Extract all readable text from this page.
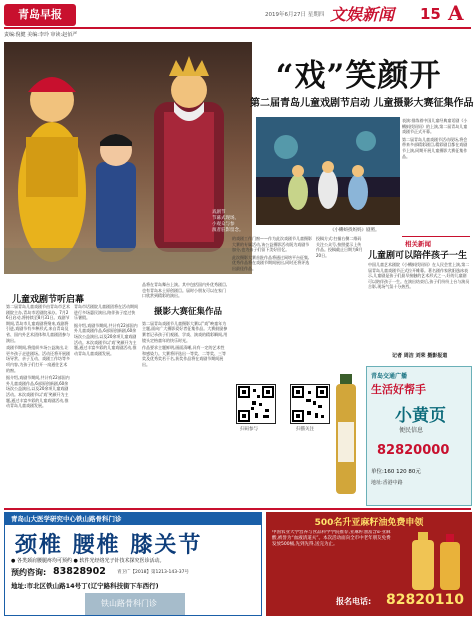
青岛早报	2019年6月27日 星期四 文娱新闻 15 A
责编:倪健 美编:李玲 审读:赵佰严
戏剧节
节幕式现场。
小观众与参
演者驻影留念。
“戏”笑颜开
第二届青岛儿童戏剧节启动 儿童摄影大赛征集作品
表演:排练着中国儿童经典童话剧《小蝌蚪找妈妈》的上演,第二届青岛儿童戏剧节正式开幕。
第二届青岛儿童戏剧节活动现场,将会带来多部精彩剧目,精彩剧目都在戏剧节上演,同期开展儿童摄影大赛征集作品。
《小蝌蚪找妈妈》剧照。
相关新闻
儿童剧可以陪伴孩子一生
中国儿童艺术剧院《小蝌蚪找妈妈》在人民会堂上演,第二届青岛儿童戏剧节正式拉开帷幕。著名剧作家欧阳逸冰表示,儿童剧是孩子们最早接触的艺术形式之一,好的儿童剧可以陪伴孩子一生。在演出结束后,孩子们纷纷上台与演员合影,现场气氛十分热烈。
记者 周洁 刘荣 摄影报道
儿童戏剧节听启幕
第二届青岛儿童戏剧节由青岛市艺术剧院主办,青岛市话剧院承办。7月26日启动,将持续至8月31日。戏剧节期间,青岛市儿童戏剧将聚来,戏剧将引进,戏剧节有多种形式,来自青岛及省、国内外艺术团体和儿童剧团参与演出。
戏剧节期间,将组织多场公益演出,让更多孩子走进剧场。活动还将开展剧场导赏、亲子互动、戏剧工作坊等多项内容,为孩子们打开一扇通往艺术的窗。
据介绍,戏剧节期间,共计有22部国内外儿童戏剧作品,6部原创新剧,60余场次公益演出,以及20余项儿童戏剧活动。本次戏剧节以‘戏’笑颜开为主题,通过丰富多彩的儿童戏剧活动,推动青岛儿童戏剧发展。
青岛市话剧院儿童剧团将在活动期间进行多场惠民演出,陪伴孩子度过快乐暑假。
据介绍,戏剧节期间,共计有22部国内外儿童戏剧作品,6部原创新剧,60余场次公益演出,以及20余项儿童戏剧活动。本次戏剧节以‘戏’笑颜开为主题,通过丰富多彩的儿童戏剧活动,推动青岛儿童戏剧发展。
品将在青岛舞台上演。其中包括国内外优秀剧目,也有青岛本土原创剧目。届时小朋友可以在家门口欣赏到精彩的演出。
摄影大赛征集作品
第二届青岛戏剧节儿童摄影大赛以“戏”映童年为主题,面向广大摄影爱好者征集作品。大赛鼓励参赛者记录孩子们观剧、学戏、演戏的精彩瞬间,用镜头定格童年的快乐时光。
作品要求主题鲜明,画面清晰,具有一定的艺术性和感染力。大赛将评选出一等奖、二等奖、三等奖及优秀奖若干名,获奖作品将在戏剧节期间展出。
的戏剧工作门窗——作为此次戏剧节儿童摄影大赛的专属活动,该公益摄影活动既为戏剧节加分,也为孩子们留下美好回忆。
此次摄影大赛首批作品将通过网络平台征集,优秀作品将在戏剧节期间展出,同时还将评选出最佳作品。
投稿方式:扫描右侧二维码关注公众号,按照提示上传作品。投稿截止日期为8月20日。
扫码参与	扫描关注
青岛交通广播
生活好帮手
小黄页
便民信息
82820000
单位:160 120 80元
地址:香港中路
青岛山大医学研究中心铁山路骨科门诊
颈椎 腰椎 膝关节
● 各类颈肩腰腿疼均可预约 ● 软件光经络光子针技术探究医诊活动。
预约咨询: 83828902 青卫广【2018】第1213-143-37号
地址:市北区铁山路14号丁(辽宁路科技街下车西行)
铁山路骨科门诊
500名升亚麻籽油免费申领
中国农业大学营养与食品科学学院推荐,亚麻籽油富含α-亚麻酸,被誉为“血液清道夫”。本次活动面向全市中老年朋友免费发放500桶,先到先得,送完为止。
报名电话: 82820110
